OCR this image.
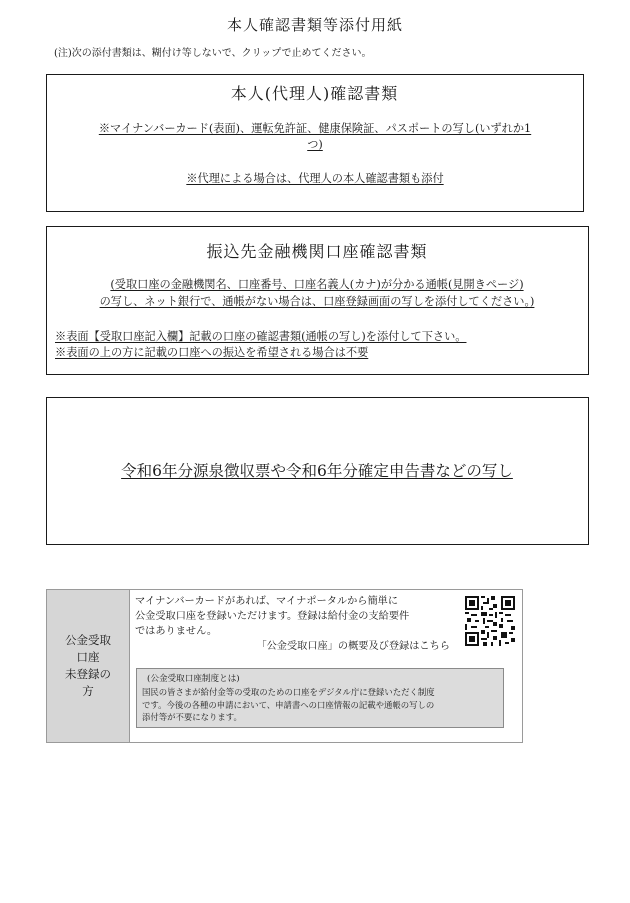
本人確認書類等添付用紙
(注)次の添付書類は、糊付け等しないで、クリップで止めてください。
本人(代理人)確認書類
※マイナンバーカード(表面)、運転免許証、健康保険証、パスポートの写し(いずれか1
つ)
※代理による場合は、代理人の本人確認書類も添付
振込先金融機関口座確認書類
(受取口座の金融機関名、口座番号、口座名義人(カナ)が分かる通帳(見開きページ)
の写し、ネット銀行で、通帳がない場合は、口座登録画面の写しを添付してください。)
※表面【受取口座記入欄】記載の口座の確認書類(通帳の写し)を添付して下さい。
※表面の上の方に記載の口座への振込を希望される場合は不要
令和6年分源泉徴収票や令和6年分確定申告書などの写し
公金受取
口座
未登録の
方
マイナンバーカードがあれば、マイナポータルから簡単に
公金受取口座を登録いただけます。登録は給付金の支給要件
ではありません。
「公金受取口座」の概要及び登録はこちら
(公金受取口座制度とは)
国民の皆さまが給付金等の受取のための口座をデジタル庁に登録いただく制度
です。今後の各種の申請において、申請書への口座情報の記載や通帳の写しの
添付等が不要になります。
